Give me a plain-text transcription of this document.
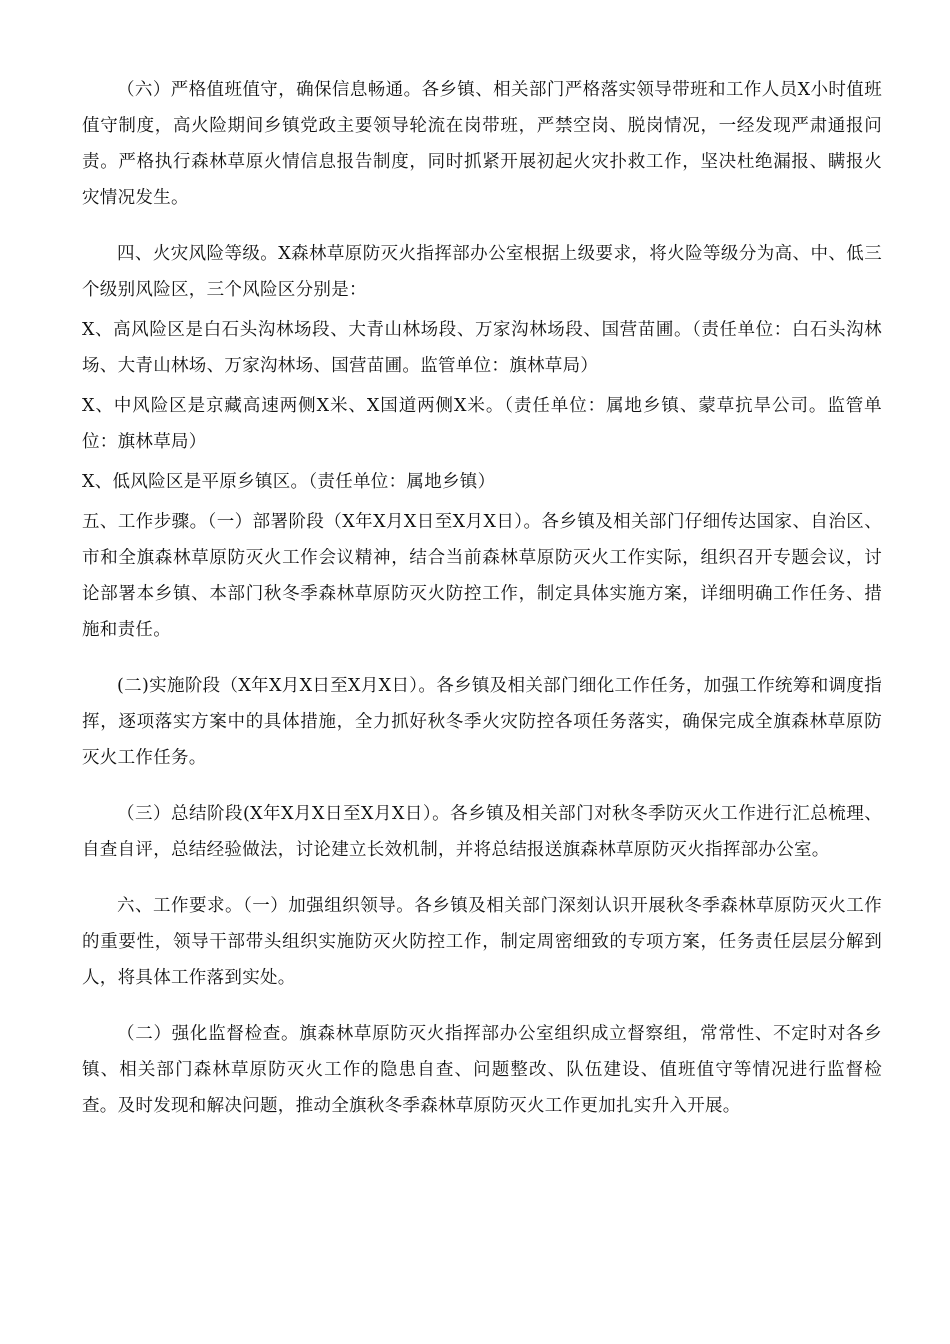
（六）严格值班值守，确保信息畅通。各乡镇、相关部门严格落实领导带班和工作人员X小时值班值守制度，高火险期间乡镇党政主要领导轮流在岗带班，严禁空岗、脱岗情况，一经发现严肃通报问责。严格执行森林草原火情信息报告制度，同时抓紧开展初起火灾扑救工作，坚决杜绝漏报、瞒报火灾情况发生。

四、火灾风险等级。X森林草原防灭火指挥部办公室根据上级要求，将火险等级分为高、中、低三个级别风险区，三个风险区分别是：

X、高风险区是白石头沟林场段、大青山林场段、万家沟林场段、国营苗圃。（责任单位：白石头沟林场、大青山林场、万家沟林场、国营苗圃。监管单位：旗林草局）

X、中风险区是京藏高速两侧X米、X国道两侧X米。（责任单位：属地乡镇、蒙草抗旱公司。监管单位：旗林草局）

X、低风险区是平原乡镇区。（责任单位：属地乡镇）

五、工作步骤。（一）部署阶段（X年X月X日至X月X日）。各乡镇及相关部门仔细传达国家、自治区、市和全旗森林草原防灭火工作会议精神，结合当前森林草原防灭火工作实际，组织召开专题会议，讨论部署本乡镇、本部门秋冬季森林草原防灭火防控工作，制定具体实施方案，详细明确工作任务、措施和责任。

(二)实施阶段（X年X月X日至X月X日）。各乡镇及相关部门细化工作任务，加强工作统筹和调度指挥，逐项落实方案中的具体措施，全力抓好秋冬季火灾防控各项任务落实，确保完成全旗森林草原防灭火工作任务。

（三）总结阶段(X年X月X日至X月X日）。各乡镇及相关部门对秋冬季防灭火工作进行汇总梳理、自查自评，总结经验做法，讨论建立长效机制，并将总结报送旗森林草原防灭火指挥部办公室。

六、工作要求。（一）加强组织领导。各乡镇及相关部门深刻认识开展秋冬季森林草原防灭火工作的重要性，领导干部带头组织实施防灭火防控工作，制定周密细致的专项方案，任务责任层层分解到人，将具体工作落到实处。

（二）强化监督检查。旗森林草原防灭火指挥部办公室组织成立督察组，常常性、不定时对各乡镇、相关部门森林草原防灭火工作的隐患自查、问题整改、队伍建设、值班值守等情况进行监督检查。及时发现和解决问题，推动全旗秋冬季森林草原防灭火工作更加扎实升入开展。
